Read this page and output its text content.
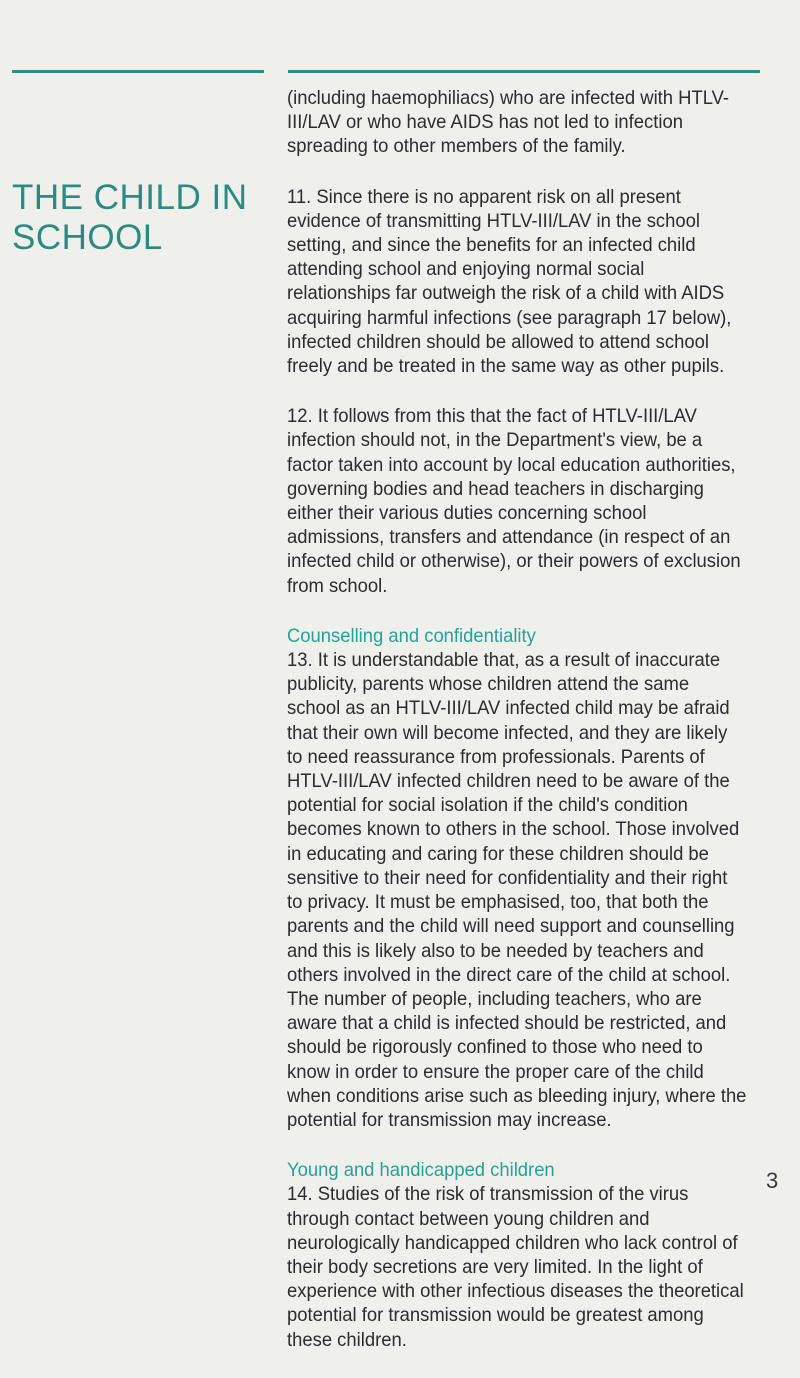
THE CHILD IN
SCHOOL

(including haemophiliacs) who are infected with HTLV-III/LAV or who have AIDS has not led to infection spreading to other members of the family.

11. Since there is no apparent risk on all present evidence of transmitting HTLV-III/LAV in the school setting, and since the benefits for an infected child attending school and enjoying normal social relationships far outweigh the risk of a child with AIDS acquiring harmful infections (see paragraph 17 below), infected children should be allowed to attend school freely and be treated in the same way as other pupils.

12. It follows from this that the fact of HTLV-III/LAV infection should not, in the Department's view, be a factor taken into account by local education authorities, governing bodies and head teachers in discharging either their various duties concerning school admissions, transfers and attendance (in respect of an infected child or otherwise), or their powers of exclusion from school.

Counselling and confidentiality

13. It is understandable that, as a result of inaccurate publicity, parents whose children attend the same school as an HTLV-III/LAV infected child may be afraid that their own will become infected, and they are likely to need reassurance from professionals. Parents of HTLV-III/LAV infected children need to be aware of the potential for social isolation if the child's condition becomes known to others in the school. Those involved in educating and caring for these children should be sensitive to their need for confidentiality and their right to privacy. It must be emphasised, too, that both the parents and the child will need support and counselling and this is likely also to be needed by teachers and others involved in the direct care of the child at school. The number of people, including teachers, who are aware that a child is infected should be restricted, and should be rigorously confined to those who need to know in order to ensure the proper care of the child when conditions arise such as bleeding injury, where the potential for transmission may increase.

Young and handicapped children

14. Studies of the risk of transmission of the virus through contact between young children and neurologically handicapped children who lack control of their body secretions are very limited. In the light of experience with other infectious diseases the theoretical potential for transmission would be greatest among these children.

3
